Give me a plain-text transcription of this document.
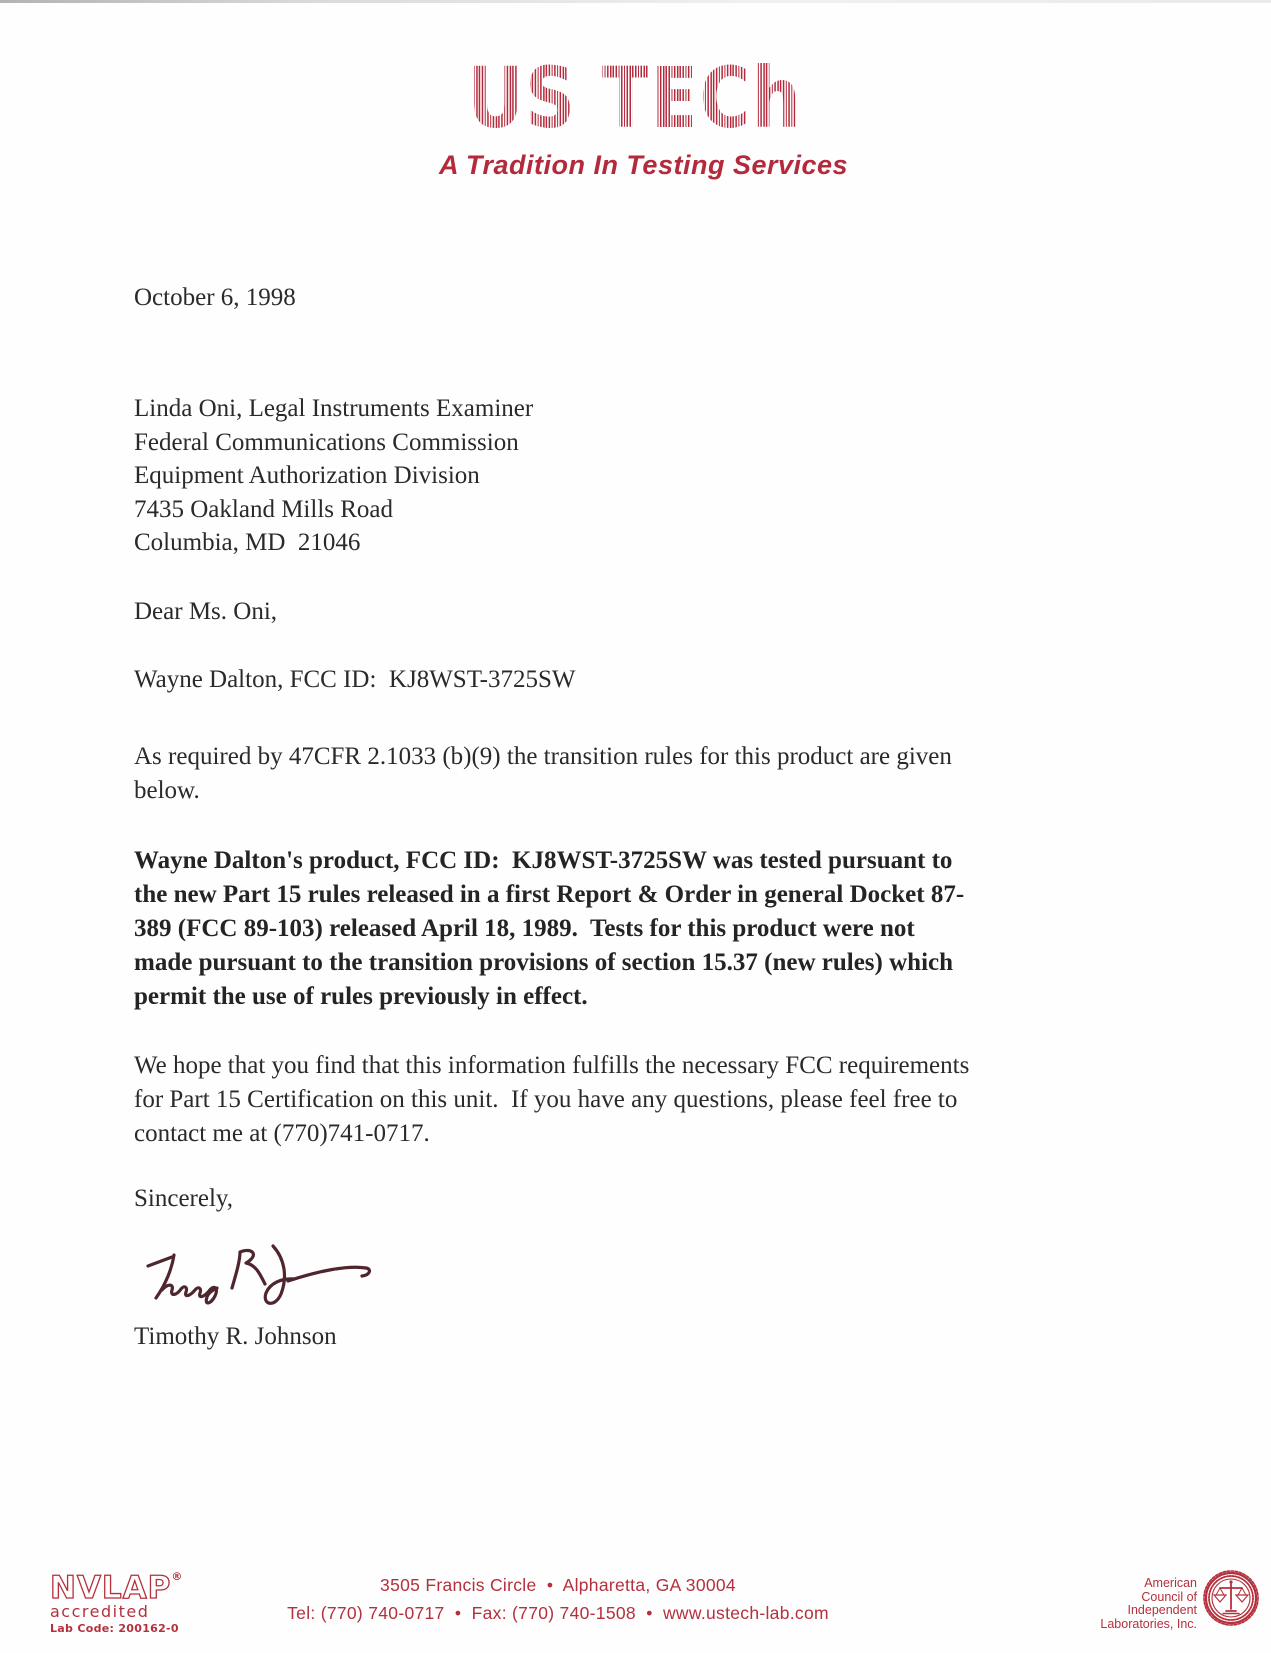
US TECh
A Tradition In Testing Services
October 6, 1998
Linda Oni, Legal Instruments Examiner
Federal Communications Commission
Equipment Authorization Division
7435 Oakland Mills Road
Columbia, MD  21046
Dear Ms. Oni,
Wayne Dalton, FCC ID:  KJ8WST-3725SW
As required by 47CFR 2.1033 (b)(9) the transition rules for this product are given
below.
Wayne Dalton's product, FCC ID:  KJ8WST-3725SW was tested pursuant to
the new Part 15 rules released in a first Report & Order in general Docket 87-
389 (FCC 89-103) released April 18, 1989.  Tests for this product were not
made pursuant to the transition provisions of section 15.37 (new rules) which
permit the use of rules previously in effect.
We hope that you find that this information fulfills the necessary FCC requirements
for Part 15 Certification on this unit.  If you have any questions, please feel free to
contact me at (770)741-0717.
Sincerely,
Timothy R. Johnson
NVLAP®
accredited
Lab Code: 200162-0
3505 Francis Circle  •  Alpharetta, GA 30004
Tel: (770) 740-0717  •  Fax: (770) 740-1508  •  www.ustech-lab.com
American
Council of
Independent
Laboratories, Inc.
